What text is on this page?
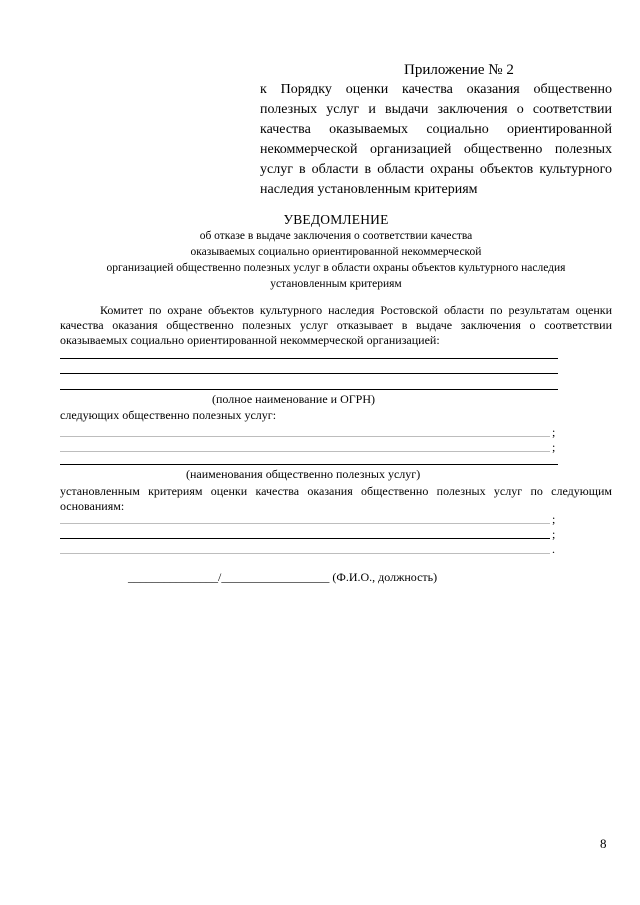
Приложение № 2
к Порядку оценки качества оказания общественно полезных услуг и выдачи заключения о соответствии качества оказываемых социально ориентированной некоммерческой организацией общественно полезных услуг в области в области охраны объектов культурного наследия установленным критериям
УВЕДОМЛЕНИЕ
об отказе в выдаче заключения о соответствии качества
оказываемых социально ориентированной некоммерческой
организацией общественно полезных услуг в области охраны объектов культурного наследия
установленным критериям
Комитет по охране объектов культурного наследия Ростовской области по результатам оценки качества оказания общественно полезных услуг отказывает в выдаче заключения о соответствии оказываемых социально ориентированной некоммерческой организацией:
(полное наименование и ОГРН)
следующих общественно полезных услуг:
;
;
(наименования общественно полезных услуг)
установленным критериям оценки качества оказания общественно полезных услуг по следующим основаниям:
;
;
.
_______________/__________________ (Ф.И.О., должность)
8
